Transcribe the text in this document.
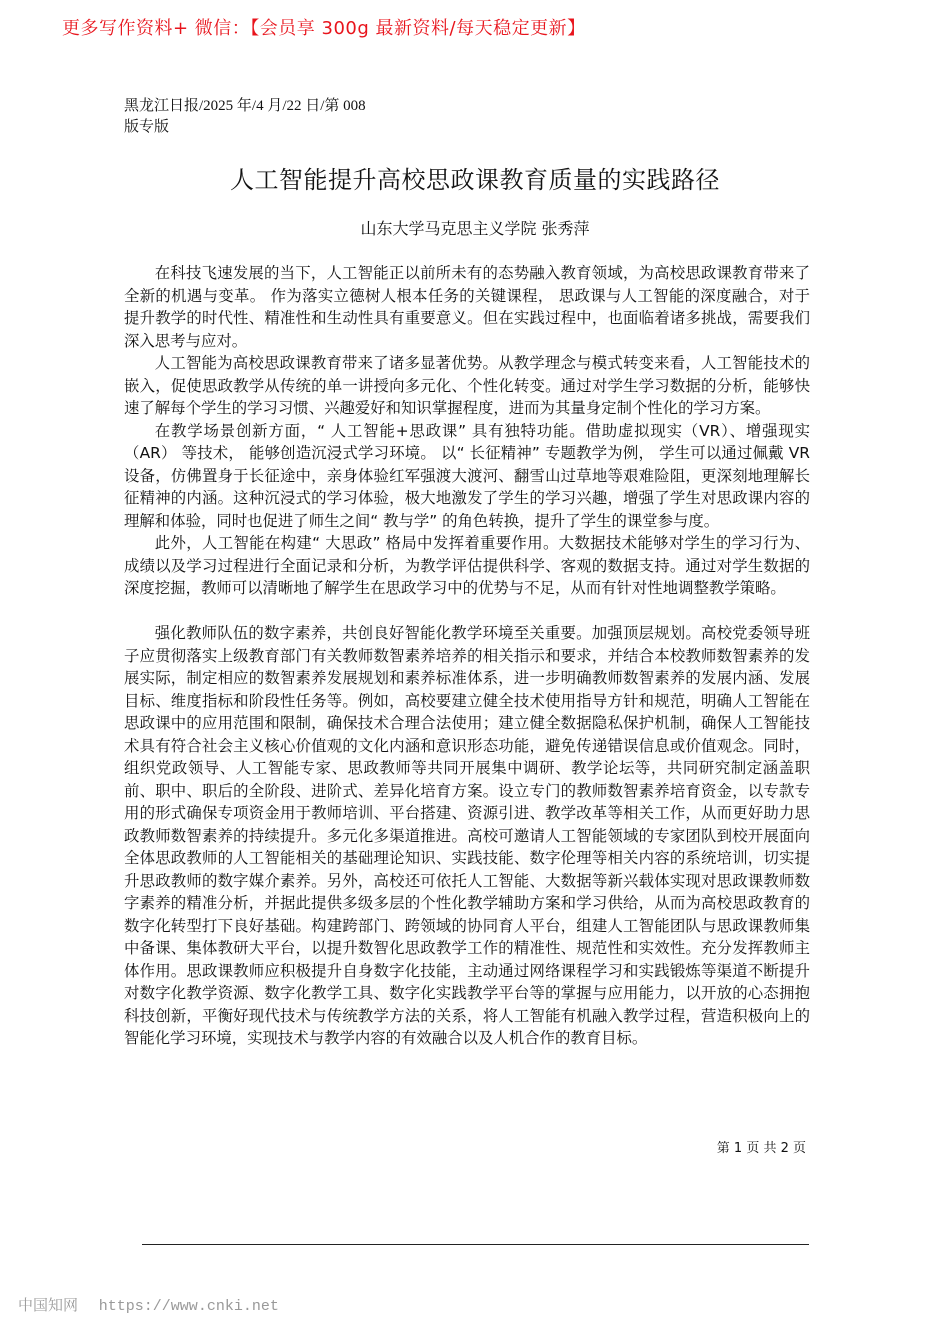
更多写作资料+ 微信：【会员享 300g 最新资料/每天稳定更新】
黑龙江日报/2025 年/4 月/22 日/第 008
版专版
人工智能提升高校思政课教育质量的实践路径
山东大学马克思主义学院 张秀萍

在科技飞速发展的当下，人工智能正以前所未有的态势融入教育领域，为高校思政课教育带来了全新的机遇与变革。 作为落实立德树人根本任务的关键课程， 思政课与人工智能的深度融合，对于提升教学的时代性、精准性和生动性具有重要意义。但在实践过程中，也面临着诸多挑战，需要我们深入思考与应对。

人工智能为高校思政课教育带来了诸多显著优势。从教学理念与模式转变来看，人工智能技术的嵌入，促使思政教学从传统的单一讲授向多元化、个性化转变。通过对学生学习数据的分析，能够快速了解每个学生的学习习惯、兴趣爱好和知识掌握程度，进而为其量身定制个性化的学习方案。

在教学场景创新方面，“ 人工智能+思政课” 具有独特功能。借助虚拟现实（VR）、增强现实（AR） 等技术， 能够创造沉浸式学习环境。 以“ 长征精神” 专题教学为例， 学生可以通过佩戴 VR 设备，仿佛置身于长征途中，亲身体验红军强渡大渡河、翻雪山过草地等艰难险阻，更深刻地理解长征精神的内涵。这种沉浸式的学习体验，极大地激发了学生的学习兴趣，增强了学生对思政课内容的理解和体验，同时也促进了师生之间“ 教与学” 的角色转换，提升了学生的课堂参与度。

此外，人工智能在构建“ 大思政” 格局中发挥着重要作用。大数据技术能够对学生的学习行为、成绩以及学习过程进行全面记录和分析，为教学评估提供科学、客观的数据支持。通过对学生数据的深度挖掘，教师可以清晰地了解学生在思政学习中的优势与不足，从而有针对性地调整教学策略。

强化教师队伍的数字素养，共创良好智能化教学环境至关重要。加强顶层规划。高校党委领导班子应贯彻落实上级教育部门有关教师数智素养培养的相关指示和要求，并结合本校教师数智素养的发展实际，制定相应的数智素养发展规划和素养标准体系，进一步明确教师数智素养的发展内涵、发展目标、维度指标和阶段性任务等。例如，高校要建立健全技术使用指导方针和规范，明确人工智能在思政课中的应用范围和限制，确保技术合理合法使用；建立健全数据隐私保护机制，确保人工智能技术具有符合社会主义核心价值观的文化内涵和意识形态功能，避免传递错误信息或价值观念。同时，组织党政领导、人工智能专家、思政教师等共同开展集中调研、教学论坛等，共同研究制定涵盖职前、职中、职后的全阶段、进阶式、差异化培育方案。设立专门的教师数智素养培育资金，以专款专用的形式确保专项资金用于教师培训、平台搭建、资源引进、教学改革等相关工作，从而更好助力思政教师数智素养的持续提升。多元化多渠道推进。高校可邀请人工智能领域的专家团队到校开展面向全体思政教师的人工智能相关的基础理论知识、实践技能、数字伦理等相关内容的系统培训，切实提升思政教师的数字媒介素养。另外，高校还可依托人工智能、大数据等新兴载体实现对思政课教师数字素养的精准分析，并据此提供多级多层的个性化教学辅助方案和学习供给，从而为高校思政教育的数字化转型打下良好基础。构建跨部门、跨领域的协同育人平台，组建人工智能团队与思政课教师集中备课、集体教研大平台，以提升数智化思政教学工作的精准性、规范性和实效性。充分发挥教师主体作用。思政课教师应积极提升自身数字化技能，主动通过网络课程学习和实践锻炼等渠道不断提升对数字化教学资源、数字化教学工具、数字化实践教学平台等的掌握与应用能力，以开放的心态拥抱科技创新，平衡好现代技术与传统教学方法的关系，将人工智能有机融入教学过程，营造积极向上的智能化学习环境，实现技术与教学内容的有效融合以及人机合作的教育目标。

第 1 页 共 2 页
中国知网 https://www.cnki.net
